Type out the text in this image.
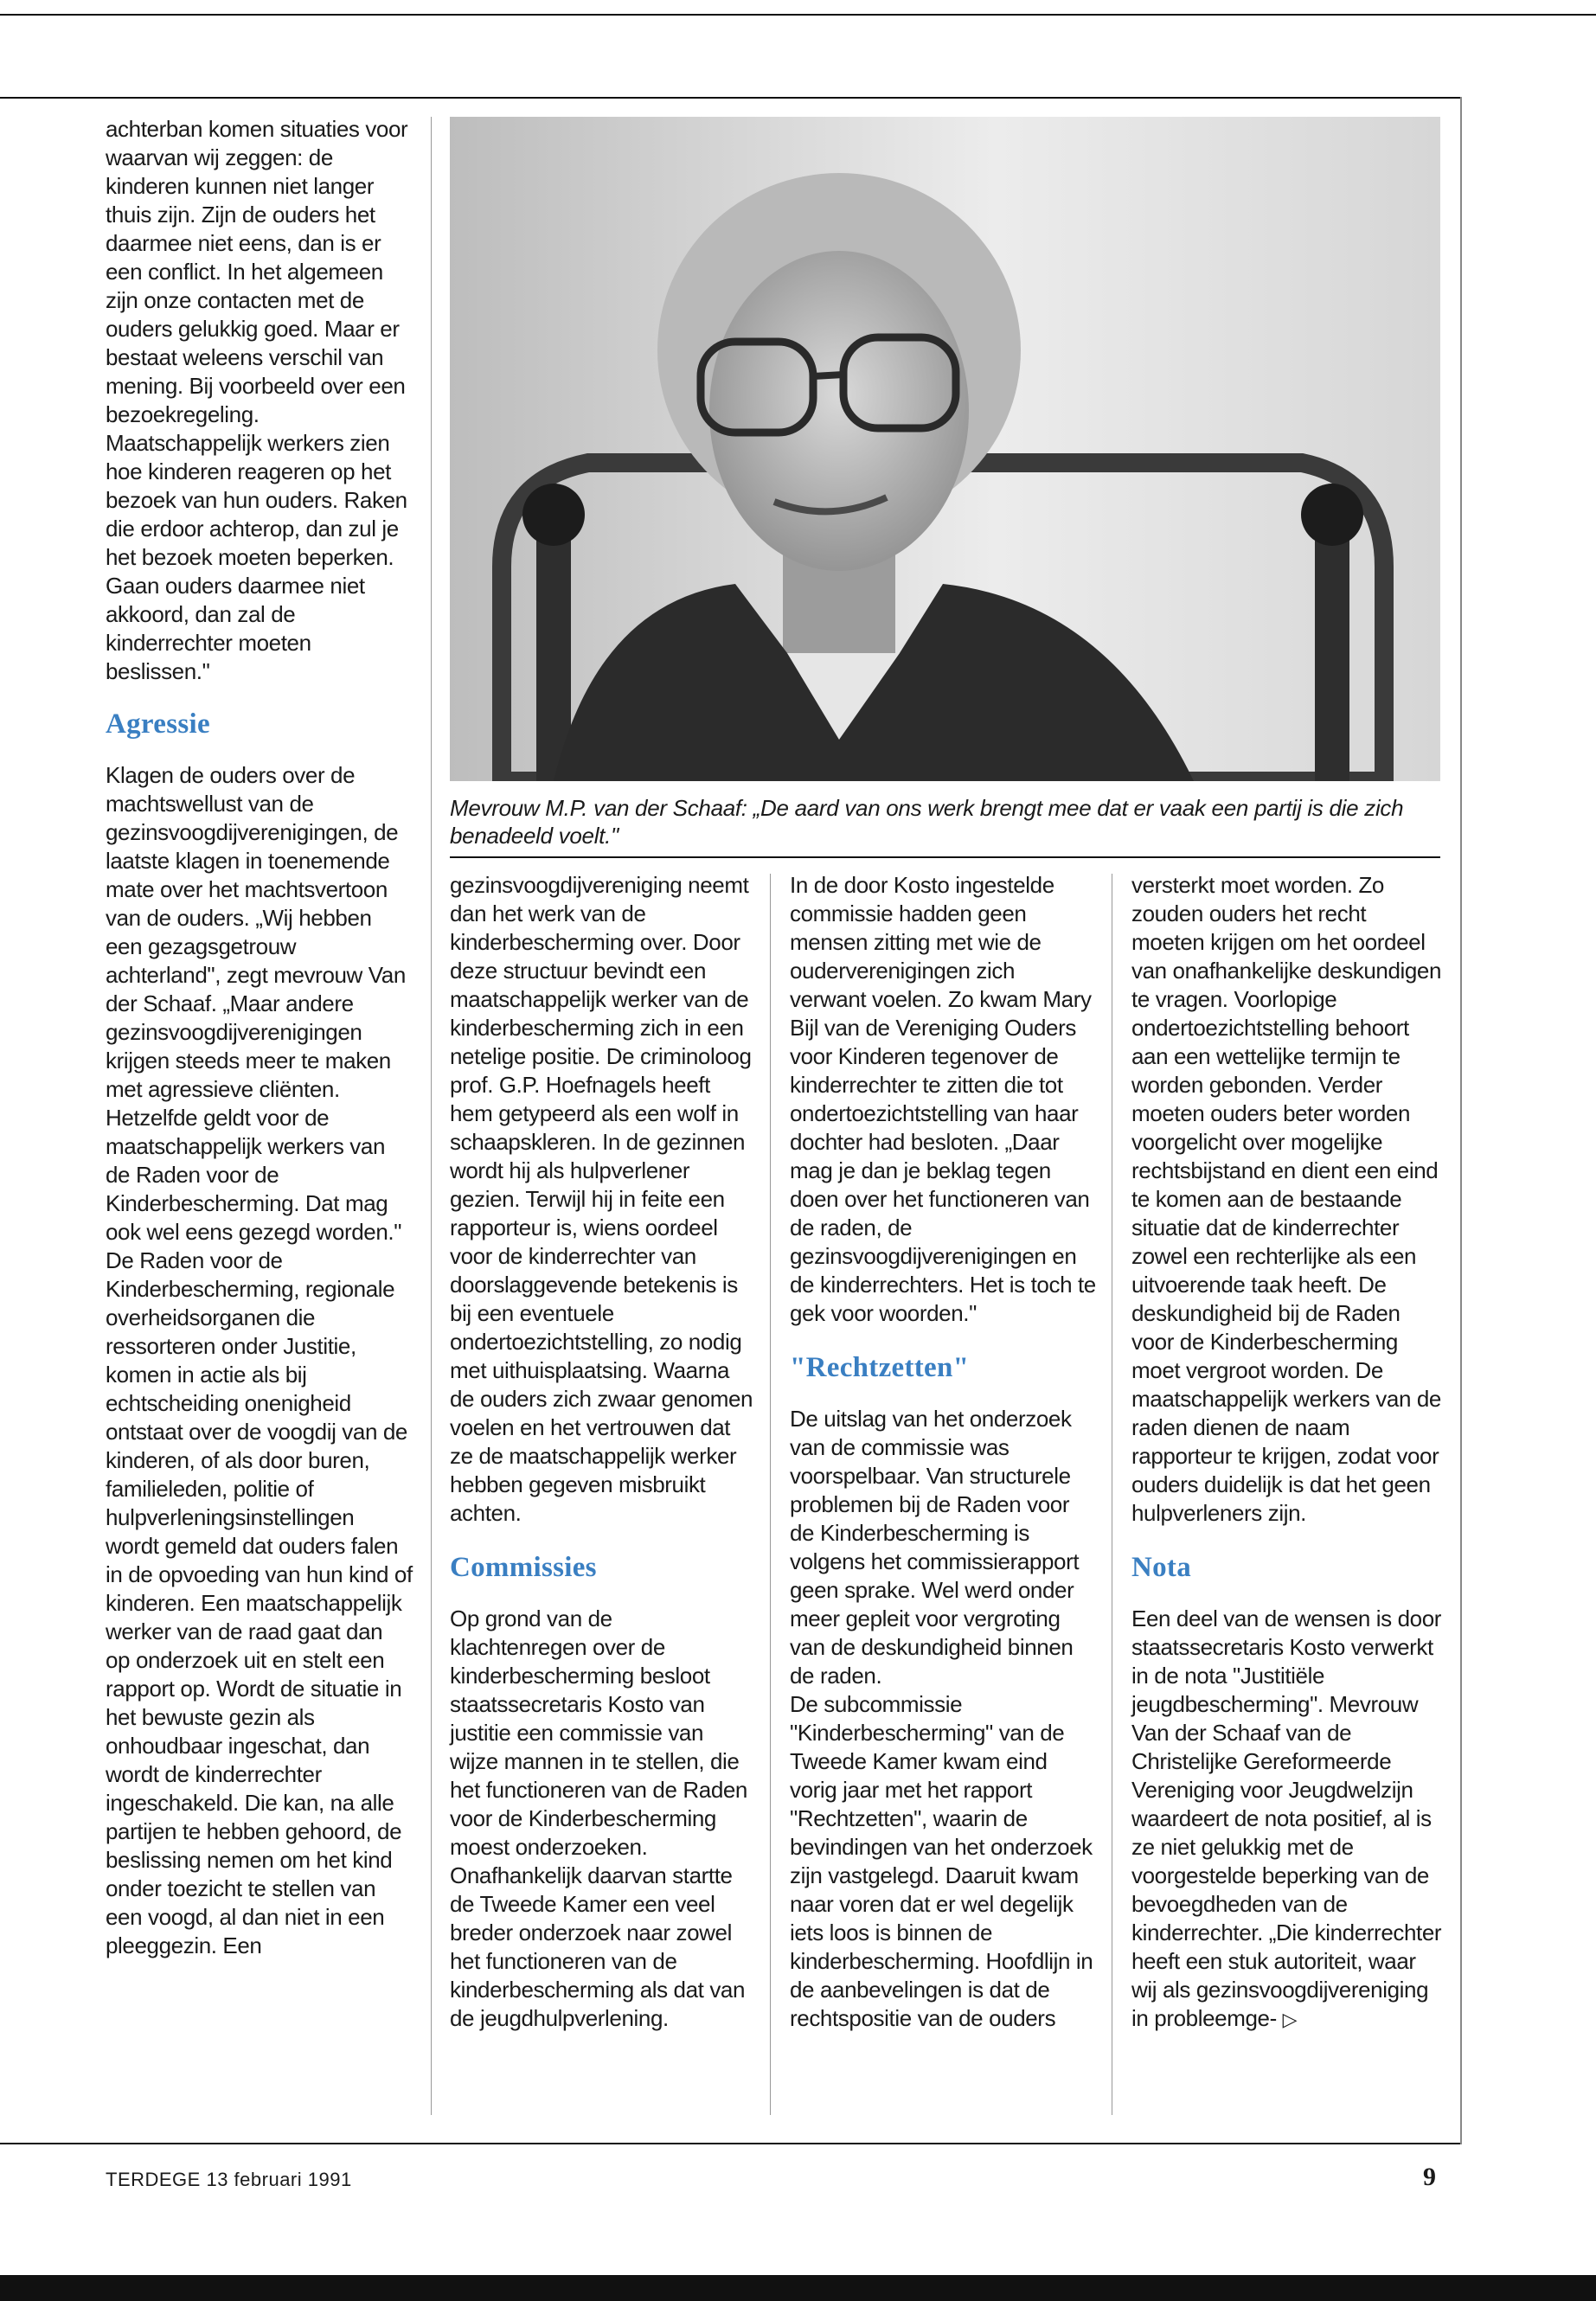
Mevrouw M.P. van der Schaaf: „De aard van ons werk brengt mee dat er vaak een partij is die zich benadeeld voelt."

achterban komen situaties voor waarvan wij zeggen: de kinderen kunnen niet langer thuis zijn. Zijn de ouders het daarmee niet eens, dan is er een conflict. In het algemeen zijn onze contacten met de ouders gelukkig goed. Maar er bestaat weleens verschil van mening. Bij voorbeeld over een bezoekregeling. Maatschappelijk werkers zien hoe kinderen reageren op het bezoek van hun ouders. Raken die erdoor achterop, dan zul je het bezoek moeten beperken. Gaan ouders daarmee niet akkoord, dan zal de kinderrechter moeten beslissen."

Agressie

Klagen de ouders over de machtswellust van de gezinsvoogdijverenigingen, de laatste klagen in toenemende mate over het machtsvertoon van de ouders. „Wij hebben een gezagsgetrouw achterland", zegt mevrouw Van der Schaaf. „Maar andere gezinsvoogdijverenigingen krijgen steeds meer te maken met agressieve cliënten. Hetzelfde geldt voor de maatschappelijk werkers van de Raden voor de Kinderbescherming. Dat mag ook wel eens gezegd worden."

De Raden voor de Kinderbescherming, regionale overheidsorganen die ressorteren onder Justitie, komen in actie als bij echtscheiding onenigheid ontstaat over de voogdij van de kinderen, of als door buren, familieleden, politie of hulpverleningsinstellingen wordt gemeld dat ouders falen in de opvoeding van hun kind of kinderen. Een maatschappelijk werker van de raad gaat dan op onderzoek uit en stelt een rapport op. Wordt de situatie in het bewuste gezin als onhoudbaar ingeschat, dan wordt de kinderrechter ingeschakeld. Die kan, na alle partijen te hebben gehoord, de beslissing nemen om het kind onder toezicht te stellen van een voogd, al dan niet in een pleeggezin. Een

gezinsvoogdijvereniging neemt dan het werk van de kinderbescherming over. Door deze structuur bevindt een maatschappelijk werker van de kinderbescherming zich in een netelige positie. De criminoloog prof. G.P. Hoefnagels heeft hem getypeerd als een wolf in schaapskleren. In de gezinnen wordt hij als hulpverlener gezien. Terwijl hij in feite een rapporteur is, wiens oordeel voor de kinderrechter van doorslaggevende betekenis is bij een eventuele ondertoezichtstelling, zo nodig met uithuisplaatsing. Waarna de ouders zich zwaar genomen voelen en het vertrouwen dat ze de maatschappelijk werker hebben gegeven misbruikt achten.

Commissies

Op grond van de klachtenregen over de kinderbescherming besloot staatssecretaris Kosto van justitie een commissie van wijze mannen in te stellen, die het functioneren van de Raden voor de Kinderbescherming moest onderzoeken. Onafhankelijk daarvan startte de Tweede Kamer een veel breder onderzoek naar zowel het functioneren van de kinderbescherming als dat van de jeugdhulpverlening.

In de door Kosto ingestelde commissie hadden geen mensen zitting met wie de ouderverenigingen zich verwant voelen. Zo kwam Mary Bijl van de Vereniging Ouders voor Kinderen tegenover de kinderrechter te zitten die tot ondertoezichtstelling van haar dochter had besloten. „Daar mag je dan je beklag tegen doen over het functioneren van de raden, de gezinsvoogdijverenigingen en de kinderrechters. Het is toch te gek voor woorden."

"Rechtzetten"

De uitslag van het onderzoek van de commissie was voorspelbaar. Van structurele problemen bij de Raden voor de Kinderbescherming is volgens het commissierapport geen sprake. Wel werd onder meer gepleit voor vergroting van de deskundigheid binnen de raden.

De subcommissie "Kinderbescherming" van de Tweede Kamer kwam eind vorig jaar met het rapport "Rechtzetten", waarin de bevindingen van het onderzoek zijn vastgelegd. Daaruit kwam naar voren dat er wel degelijk iets loos is binnen de kinderbescherming. Hoofdlijn in de aanbevelingen is dat de rechtspositie van de ouders

versterkt moet worden. Zo zouden ouders het recht moeten krijgen om het oordeel van onafhankelijke deskundigen te vragen. Voorlopige ondertoezichtstelling behoort aan een wettelijke termijn te worden gebonden. Verder moeten ouders beter worden voorgelicht over mogelijke rechtsbijstand en dient een eind te komen aan de bestaande situatie dat de kinderrechter zowel een rechterlijke als een uitvoerende taak heeft. De deskundigheid bij de Raden voor de Kinderbescherming moet vergroot worden. De maatschappelijk werkers van de raden dienen de naam rapporteur te krijgen, zodat voor ouders duidelijk is dat het geen hulpverleners zijn.

Nota

Een deel van de wensen is door staatssecretaris Kosto verwerkt in de nota "Justitiële jeugdbescherming". Mevrouw Van der Schaaf van de Christelijke Gereformeerde Vereniging voor Jeugdwelzijn waardeert de nota positief, al is ze niet gelukkig met de voorgestelde beperking van de bevoegdheden van de kinderrechter. „Die kinderrechter heeft een stuk autoriteit, waar wij als gezinsvoogdijvereniging in probleemge- ▷

TERDEGE 13 februari 1991	9
